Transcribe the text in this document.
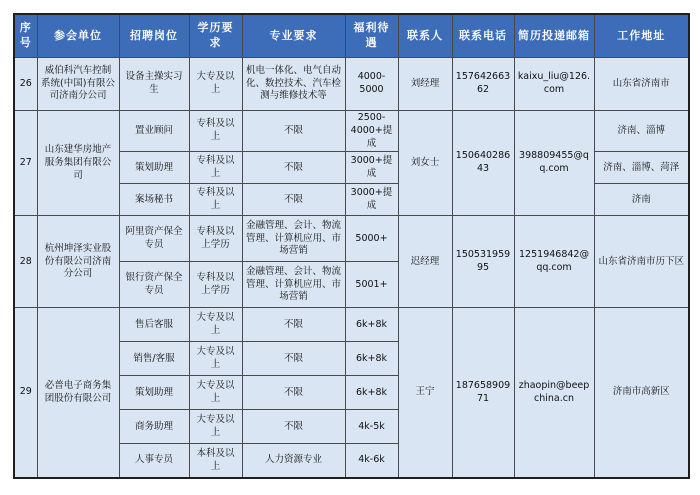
序号	参会单位	招聘岗位	学历要求	专业要求	福利待遇	联系人	联系电话	简历投递邮箱	工作地址
26	威伯科汽车控制系统(中国)有限公司济南分公司	设备主操实习生	大专及以上	机电一体化、电气自动化、数控技术、汽车检测与维修技术等	4000-5000	刘经理	15764266362	kaixu_liu@126.com	山东省济南市
27	山东建华房地产服务集团有限公司	置业顾问	专科及以上	不限	2500-4000+提成	刘女士	15064028643	398809455@qq.com	济南、淄博
		策划助理	专科及以上	不限	3000+提成				济南、淄博、菏泽
		案场秘书	专科及以上	不限	3000+提成				济南
28	杭州坤泽实业股份有限公司济南分公司	阿里资产保全专员	专科及以上学历	金融管理、会计、物流管理、计算机应用、市场营销	5000+	迟经理	15053195995	1251946842@qq.com	山东省济南市历下区
		银行资产保全专员	专科及以上学历	金融管理、会计、物流管理、计算机应用、市场营销	5001+				
29	必普电子商务集团股份有限公司	售后客服	大专及以上	不限	6k+8k	王宁	18765890971	zhaopin@beepchina.cn	济南市高新区
		销售/客服	大专及以上	不限	6k+8k				
		策划助理	大专及以上	不限	6k+8k				
		商务助理	大专及以上	不限	4k-5k				
		人事专员	本科及以上	人力资源专业	4k-6k				
